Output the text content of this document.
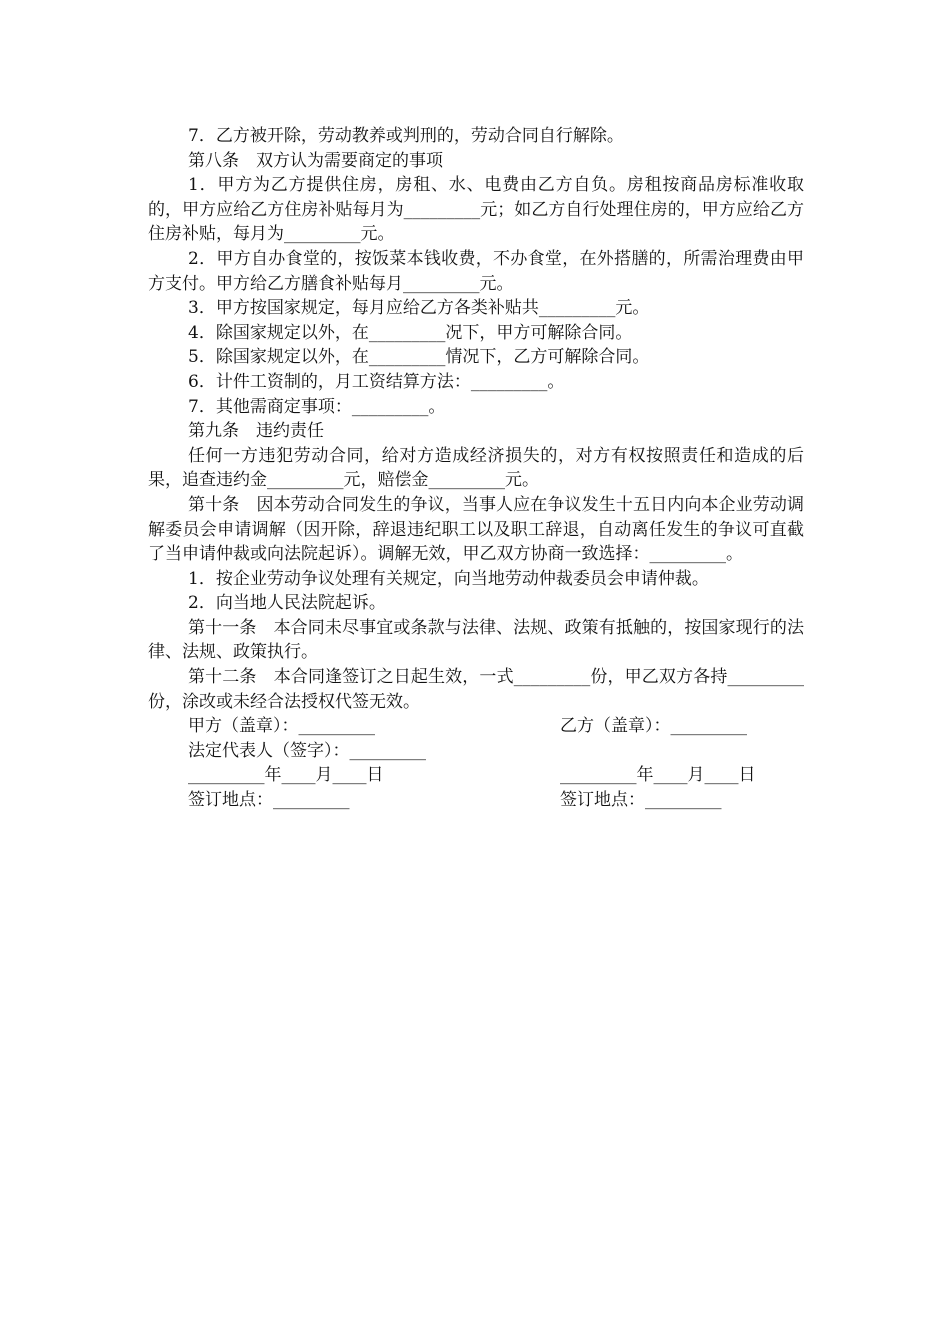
7．乙方被开除，劳动教养或判刑的，劳动合同自行解除。

第八条　双方认为需要商定的事项

1．甲方为乙方提供住房，房租、水、电费由乙方自负。房租按商品房标准收取的，甲方应给乙方住房补贴每月为_________元；如乙方自行处理住房的，甲方应给乙方住房补贴，每月为_________元。

2．甲方自办食堂的，按饭菜本钱收费，不办食堂，在外搭膳的，所需治理费由甲方支付。甲方给乙方膳食补贴每月_________元。

3．甲方按国家规定，每月应给乙方各类补贴共_________元。

4．除国家规定以外，在_________况下，甲方可解除合同。

5．除国家规定以外，在_________情况下，乙方可解除合同。

6．计件工资制的，月工资结算方法：_________。

7．其他需商定事项：_________。

第九条　违约责任

任何一方违犯劳动合同，给对方造成经济损失的，对方有权按照责任和造成的后果，追查违约金_________元，赔偿金_________元。

第十条　因本劳动合同发生的争议，当事人应在争议发生十五日内向本企业劳动调解委员会申请调解（因开除，辞退违纪职工以及职工辞退，自动离任发生的争议可直截了当申请仲裁或向法院起诉）。调解无效，甲乙双方协商一致选择：_________。

1．按企业劳动争议处理有关规定，向当地劳动仲裁委员会申请仲裁。

2．向当地人民法院起诉。

第十一条　本合同未尽事宜或条款与法律、法规、政策有抵触的，按国家现行的法律、法规、政策执行。

第十二条　本合同逢签订之日起生效，一式_________份，甲乙双方各持_________份，涂改或未经合法授权代签无效。

甲方（盖章）：_________	乙方（盖章）：_________
法定代表人（签字）：_________
_________年____月____日	_________年____月____日
签订地点：_________	签订地点：_________
